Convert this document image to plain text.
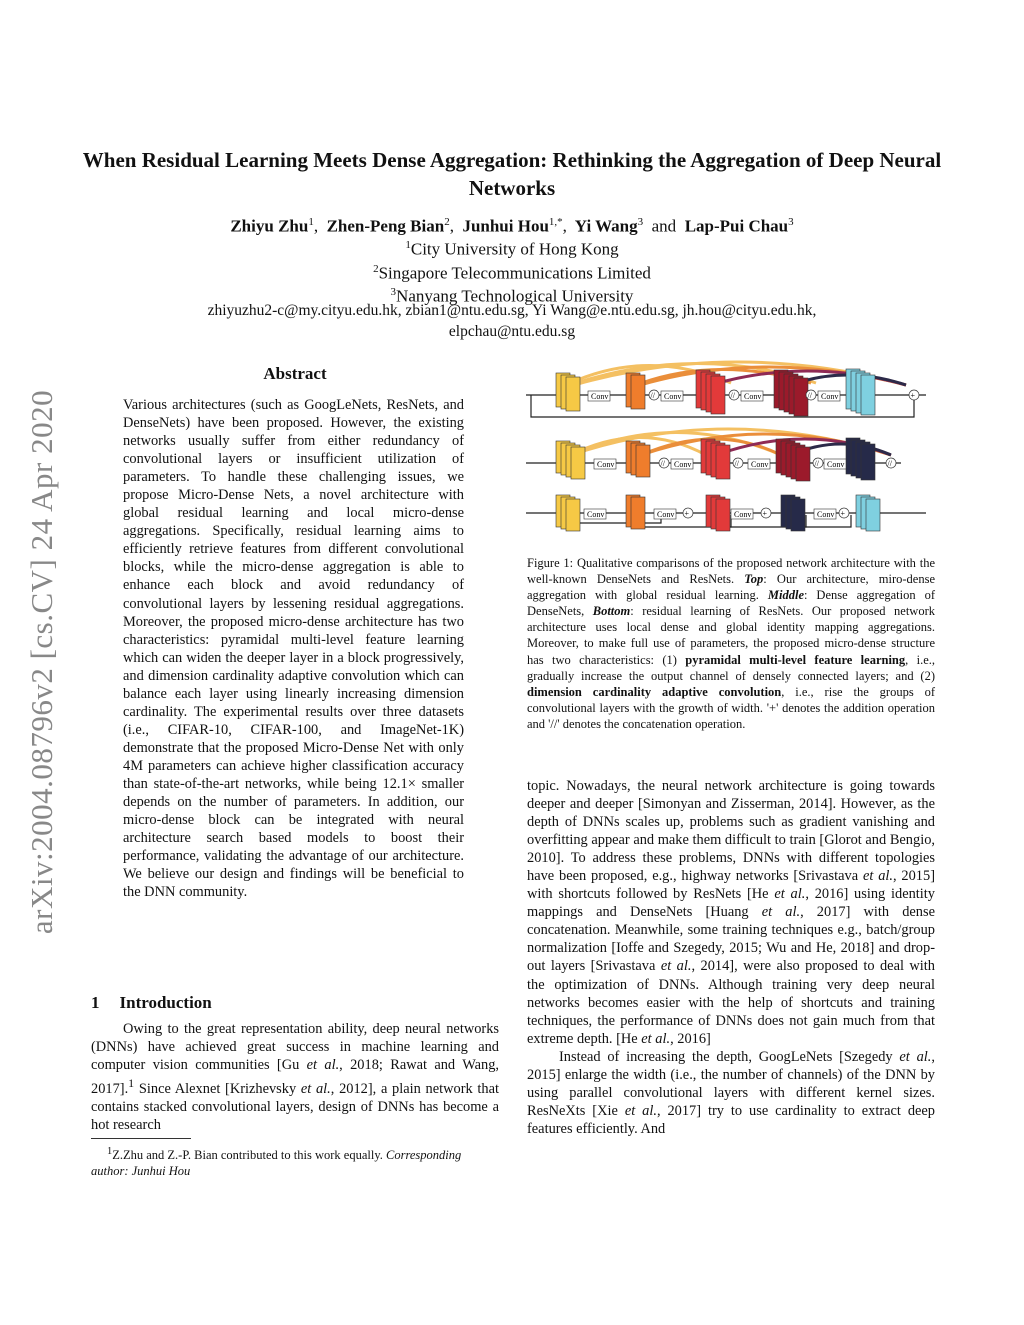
When Residual Learning Meets Dense Aggregation: Rethinking the Aggregation of Deep Neural Networks
Zhiyu Zhu$^1$, Zhen-Peng Bian$^2$, Junhui Hou$^{1,*}$, Yi Wang$^3$ and Lap-Pui Chau$^3$
$^1$City University of Hong Kong
$^2$Singapore Telecommunications Limited
$^3$Nanyang Technological University
zhiyuzhu2-c@my.cityu.edu.hk, zbian1@ntu.edu.sg, Yi Wang@e.ntu.edu.sg, jh.hou@cityu.edu.hk,
elpchau@ntu.edu.sg
arXiv:2004.08796v2 [cs.CV] 24 Apr 2020
Abstract
Various architectures (such as GoogLeNets, ResNets, and DenseNets) have been proposed. However, the existing networks usually suffer from either redundancy of convolutional layers or insufficient utilization of parameters. To handle these challenging issues, we propose Micro-Dense Nets, a novel architecture with global residual learning and local micro-dense aggregations. Specifically, residual learning aims to efficiently retrieve features from different convolutional blocks, while the micro-dense aggregation is able to enhance each block and avoid redundancy of convolutional layers by lessening residual aggregations. Moreover, the proposed micro-dense architecture has two characteristics: pyramidal multi-level feature learning which can widen the deeper layer in a block progressively, and dimension cardinality adaptive convolution which can balance each layer using linearly increasing dimension cardinality. The experimental results over three datasets (i.e., CIFAR-10, CIFAR-100, and ImageNet-1K) demonstrate that the proposed Micro-Dense Net with only 4M parameters can achieve higher classification accuracy than state-of-the-art networks, while being 12.1× smaller depends on the number of parameters. In addition, our micro-dense block can be integrated with neural architecture search based models to boost their performance, validating the advantage of our architecture. We believe our design and findings will be beneficial to the DNN community.
1 Introduction
Owing to the great representation ability, deep neural networks (DNNs) have achieved great success in machine learning and computer vision communities [Gu et al., 2018; Rawat and Wang, 2017].$^1$ Since Alexnet [Krizhevsky et al., 2012], a plain network that contains stacked convolutional layers, design of DNNs has become a hot research
$^1$Z.Zhu and Z.-P. Bian contributed to this work equally. Corresponding author: Junhui Hou
Conv	// Conv	// Conv	// Conv	+
Conv	// Conv	// Conv	// Conv	//
Conv	Conv +	Conv +	Conv +
Figure 1: Qualitative comparisons of the proposed network architecture with the well-known DenseNets and ResNets. Top: Our architecture, miro-dense aggregation with global residual learning. Middle: Dense aggregation of DenseNets, Bottom: residual learning of ResNets. Our proposed network architecture uses local dense and global identity mapping aggregations. Moreover, to make full use of parameters, the proposed micro-dense structure has two characteristics: (1) pyramidal multi-level feature learning, i.e., gradually increase the output channel of densely connected layers; and (2) dimension cardinality adaptive convolution, i.e., rise the groups of convolutional layers with the growth of width. '+' denotes the addition operation and '//' denotes the concatenation operation.

topic. Nowadays, the neural network architecture is going towards deeper and deeper [Simonyan and Zisserman, 2014]. However, as the depth of DNNs scales up, problems such as gradient vanishing and overfitting appear and make them difficult to train [Glorot and Bengio, 2010]. To address these problems, DNNs with different topologies have been proposed, e.g., highway networks [Srivastava et al., 2015] with shortcuts followed by ResNets [He et al., 2016] using identity mappings and DenseNets [Huang et al., 2017] with dense concatenation. Meanwhile, some training techniques e.g., batch/group normalization [Ioffe and Szegedy, 2015; Wu and He, 2018] and drop-out layers [Srivastava et al., 2014], were also proposed to deal with the optimization of DNNs. Although training very deep neural networks becomes easier with the help of shortcuts and training techniques, the performance of DNNs does not gain much from that extreme depth. [He et al., 2016]

Instead of increasing the depth, GoogLeNets [Szegedy et al., 2015] enlarge the width (i.e., the number of channels) of the DNN by using parallel convolutional layers with different kernel sizes. ResNeXts [Xie et al., 2017] try to use cardinality to extract deep features efficiently. And
